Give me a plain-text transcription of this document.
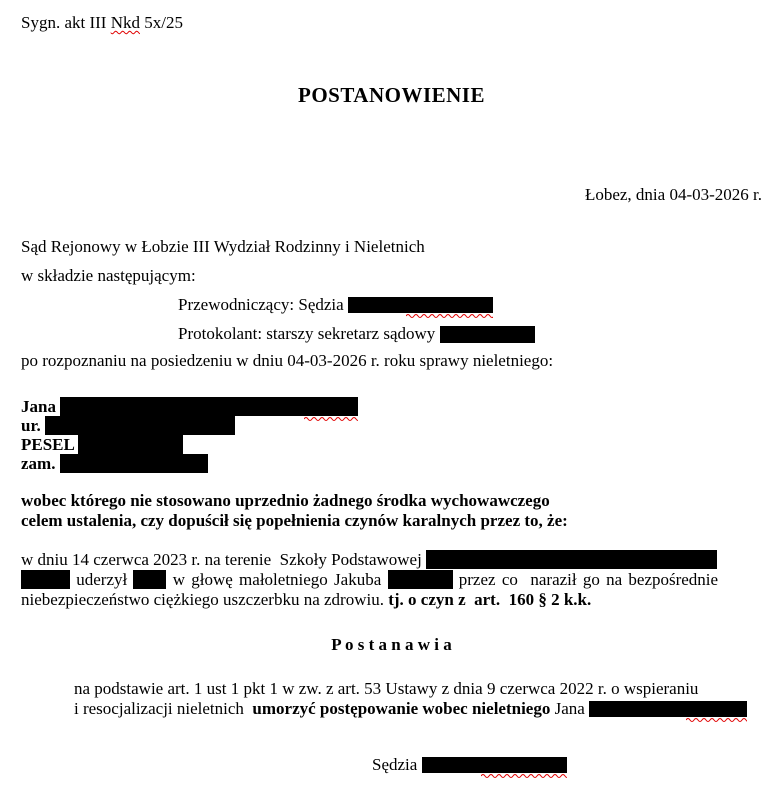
Sygn. akt III Nkd 5x/25
POSTANOWIENIE
Łobez, dnia 04-03-2026 r.
Sąd Rejonowy w Łobzie III Wydział Rodzinny i Nieletnich
w składzie następującym:
Przewodniczący: Sędzia
Protokolant: starszy sekretarz sądowy
po rozpoznaniu na posiedzeniu w dniu 04-03-2026 r. roku sprawy nieletniego:
Jana
ur.
PESEL
zam.
wobec którego nie stosowano uprzednio żadnego środka wychowawczego
celem ustalenia, czy dopuścił się popełnienia czynów karalnych przez to, że:
w dniu 14 czerwca 2023 r. na terenie  Szkoły Podstawowej
uderzył  w głowę małoletniego Jakuba	przez co  naraził go na bezpośrednie
niebezpieczeństwo ciężkiego uszczerbku na zdrowiu. tj. o czyn z  art.  160 § 2 k.k.
P o s t a n a w i a
na podstawie art. 1 ust 1 pkt 1 w zw. z art. 53 Ustawy z dnia 9 czerwca 2022 r. o wspieraniu
i resocjalizacji nieletnich  umorzyć postępowanie wobec nieletniego Jana
Sędzia
